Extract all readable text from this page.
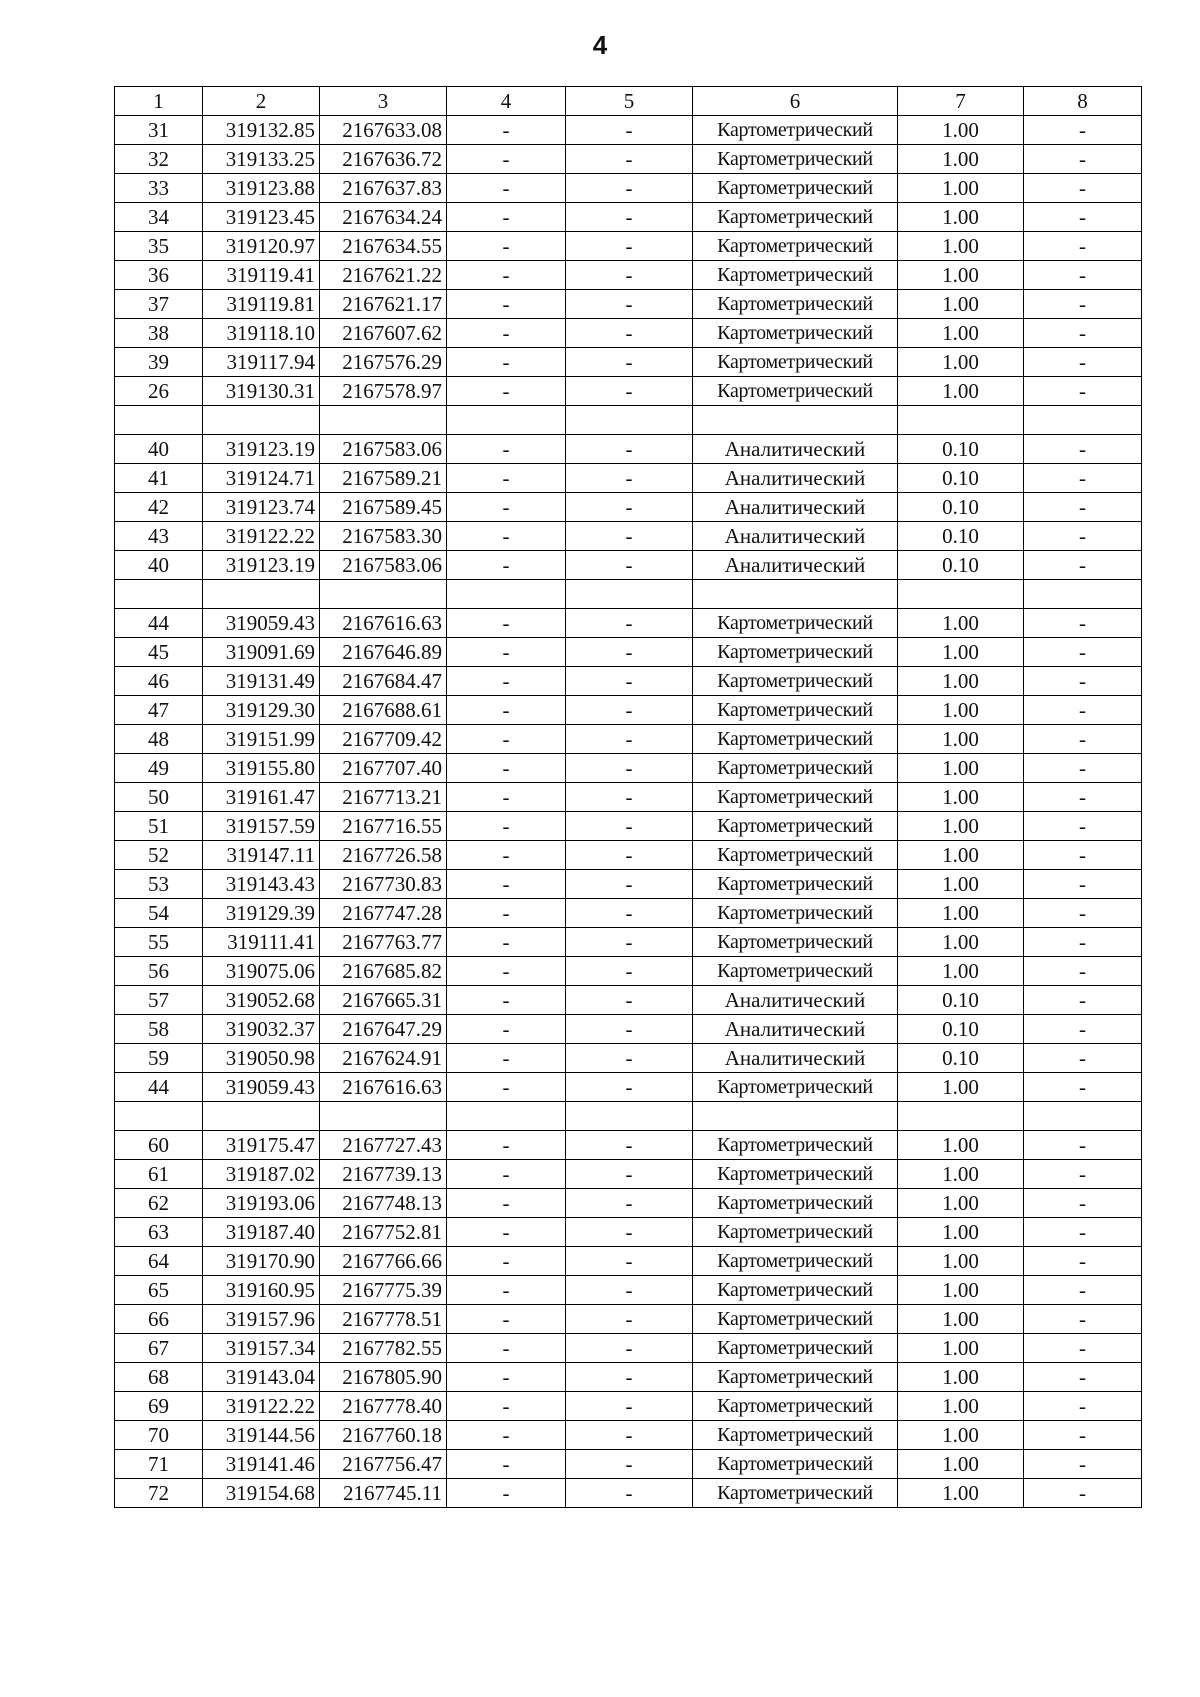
4
1	2	3	4	5	6	7	8
31	319132.85	2167633.08	-	-	Картометрический	1.00	-
32	319133.25	2167636.72	-	-	Картометрический	1.00	-
33	319123.88	2167637.83	-	-	Картометрический	1.00	-
34	319123.45	2167634.24	-	-	Картометрический	1.00	-
35	319120.97	2167634.55	-	-	Картометрический	1.00	-
36	319119.41	2167621.22	-	-	Картометрический	1.00	-
37	319119.81	2167621.17	-	-	Картометрический	1.00	-
38	319118.10	2167607.62	-	-	Картометрический	1.00	-
39	319117.94	2167576.29	-	-	Картометрический	1.00	-
26	319130.31	2167578.97	-	-	Картометрический	1.00	-

40	319123.19	2167583.06	-	-	Аналитический	0.10	-
41	319124.71	2167589.21	-	-	Аналитический	0.10	-
42	319123.74	2167589.45	-	-	Аналитический	0.10	-
43	319122.22	2167583.30	-	-	Аналитический	0.10	-
40	319123.19	2167583.06	-	-	Аналитический	0.10	-

44	319059.43	2167616.63	-	-	Картометрический	1.00	-
45	319091.69	2167646.89	-	-	Картометрический	1.00	-
46	319131.49	2167684.47	-	-	Картометрический	1.00	-
47	319129.30	2167688.61	-	-	Картометрический	1.00	-
48	319151.99	2167709.42	-	-	Картометрический	1.00	-
49	319155.80	2167707.40	-	-	Картометрический	1.00	-
50	319161.47	2167713.21	-	-	Картометрический	1.00	-
51	319157.59	2167716.55	-	-	Картометрический	1.00	-
52	319147.11	2167726.58	-	-	Картометрический	1.00	-
53	319143.43	2167730.83	-	-	Картометрический	1.00	-
54	319129.39	2167747.28	-	-	Картометрический	1.00	-
55	319111.41	2167763.77	-	-	Картометрический	1.00	-
56	319075.06	2167685.82	-	-	Картометрический	1.00	-
57	319052.68	2167665.31	-	-	Аналитический	0.10	-
58	319032.37	2167647.29	-	-	Аналитический	0.10	-
59	319050.98	2167624.91	-	-	Аналитический	0.10	-
44	319059.43	2167616.63	-	-	Картометрический	1.00	-

60	319175.47	2167727.43	-	-	Картометрический	1.00	-
61	319187.02	2167739.13	-	-	Картометрический	1.00	-
62	319193.06	2167748.13	-	-	Картометрический	1.00	-
63	319187.40	2167752.81	-	-	Картометрический	1.00	-
64	319170.90	2167766.66	-	-	Картометрический	1.00	-
65	319160.95	2167775.39	-	-	Картометрический	1.00	-
66	319157.96	2167778.51	-	-	Картометрический	1.00	-
67	319157.34	2167782.55	-	-	Картометрический	1.00	-
68	319143.04	2167805.90	-	-	Картометрический	1.00	-
69	319122.22	2167778.40	-	-	Картометрический	1.00	-
70	319144.56	2167760.18	-	-	Картометрический	1.00	-
71	319141.46	2167756.47	-	-	Картометрический	1.00	-
72	319154.68	2167745.11	-	-	Картометрический	1.00	-
